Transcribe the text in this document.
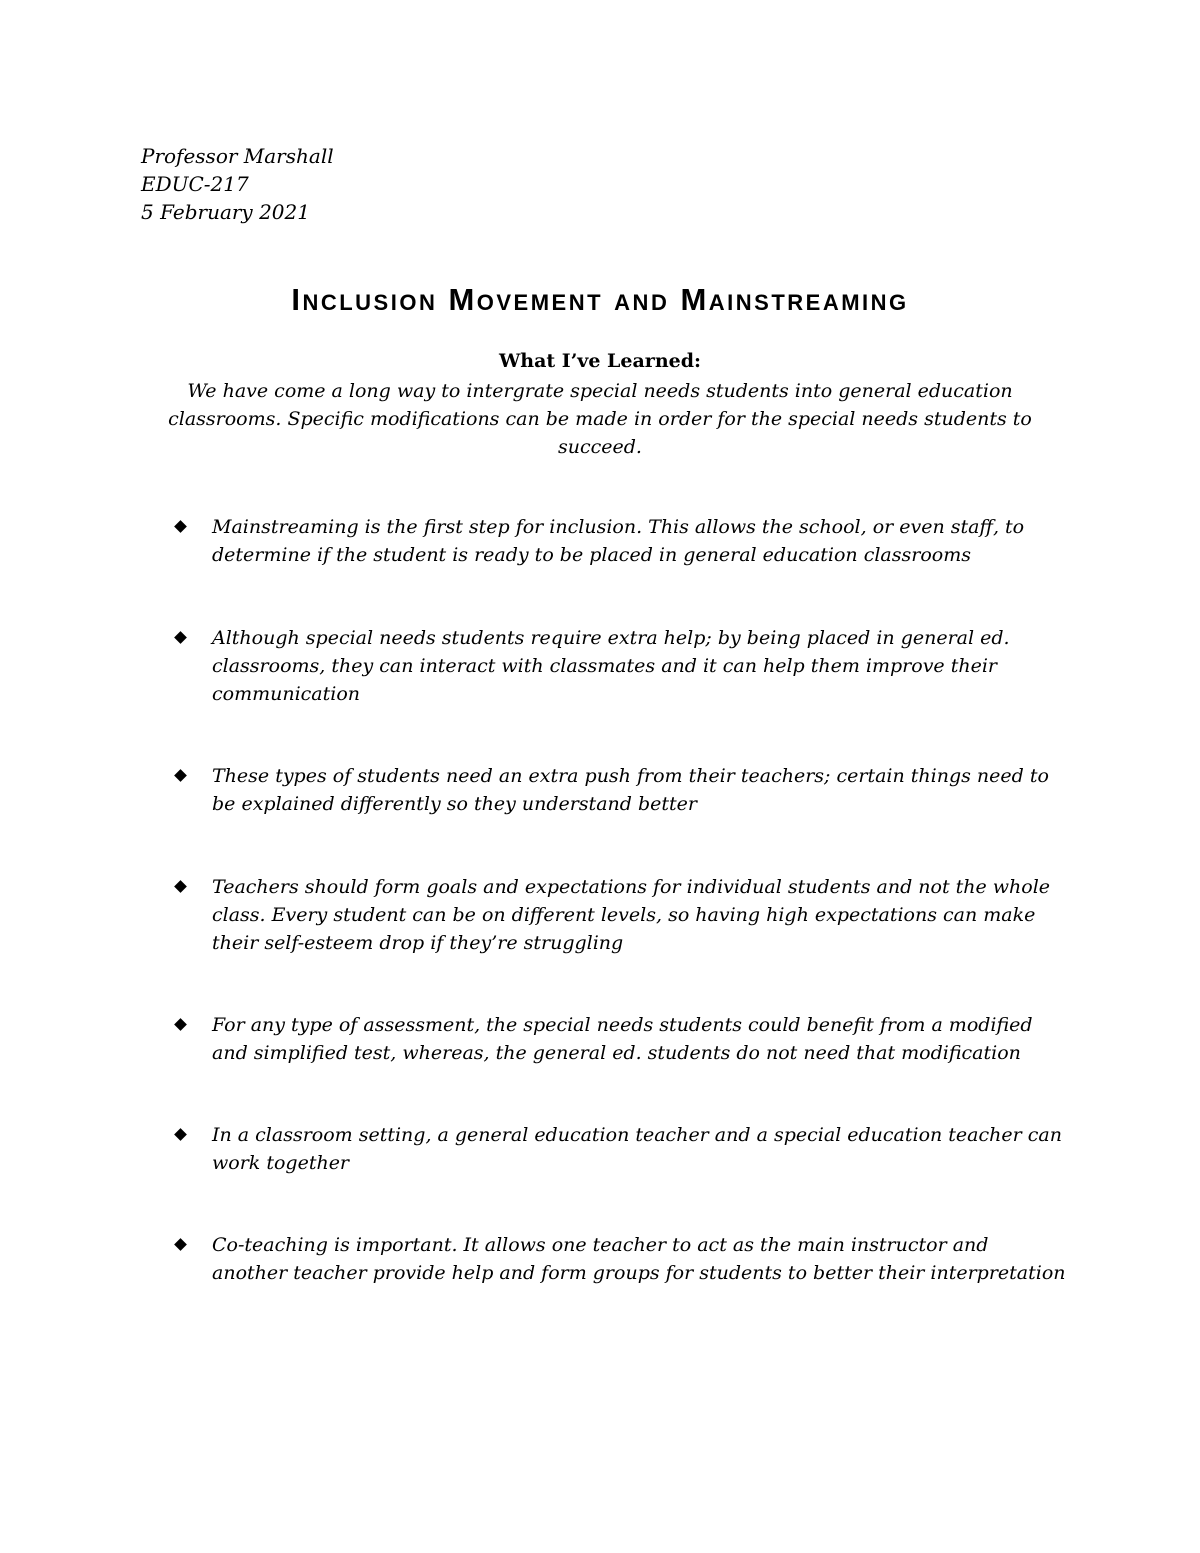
Professor Marshall
EDUC-217
5 February 2021
Inclusion Movement and Mainstreaming
What I’ve Learned:
We have come a long way to intergrate special needs students into general education classrooms. Specific modifications can be made in order for the special needs students to succeed.
Mainstreaming is the first step for inclusion. This allows the school, or even staff, to determine if the student is ready to be placed in general education classrooms
Although special needs students require extra help; by being placed in general ed. classrooms, they can interact with classmates and it can help them improve their communication
These types of students need an extra push from their teachers; certain things need to be explained differently so they understand better
Teachers should form goals and expectations for individual students and not the whole class. Every student can be on different levels, so having high expectations can make their self-esteem drop if they’re struggling
For any type of assessment, the special needs students could benefit from a modified and simplified test, whereas, the general ed. students do not need that modification
In a classroom setting, a general education teacher and a special education teacher can work together
Co-teaching is important. It allows one teacher to act as the main instructor and another teacher provide help and form groups for students to better their interpretation
